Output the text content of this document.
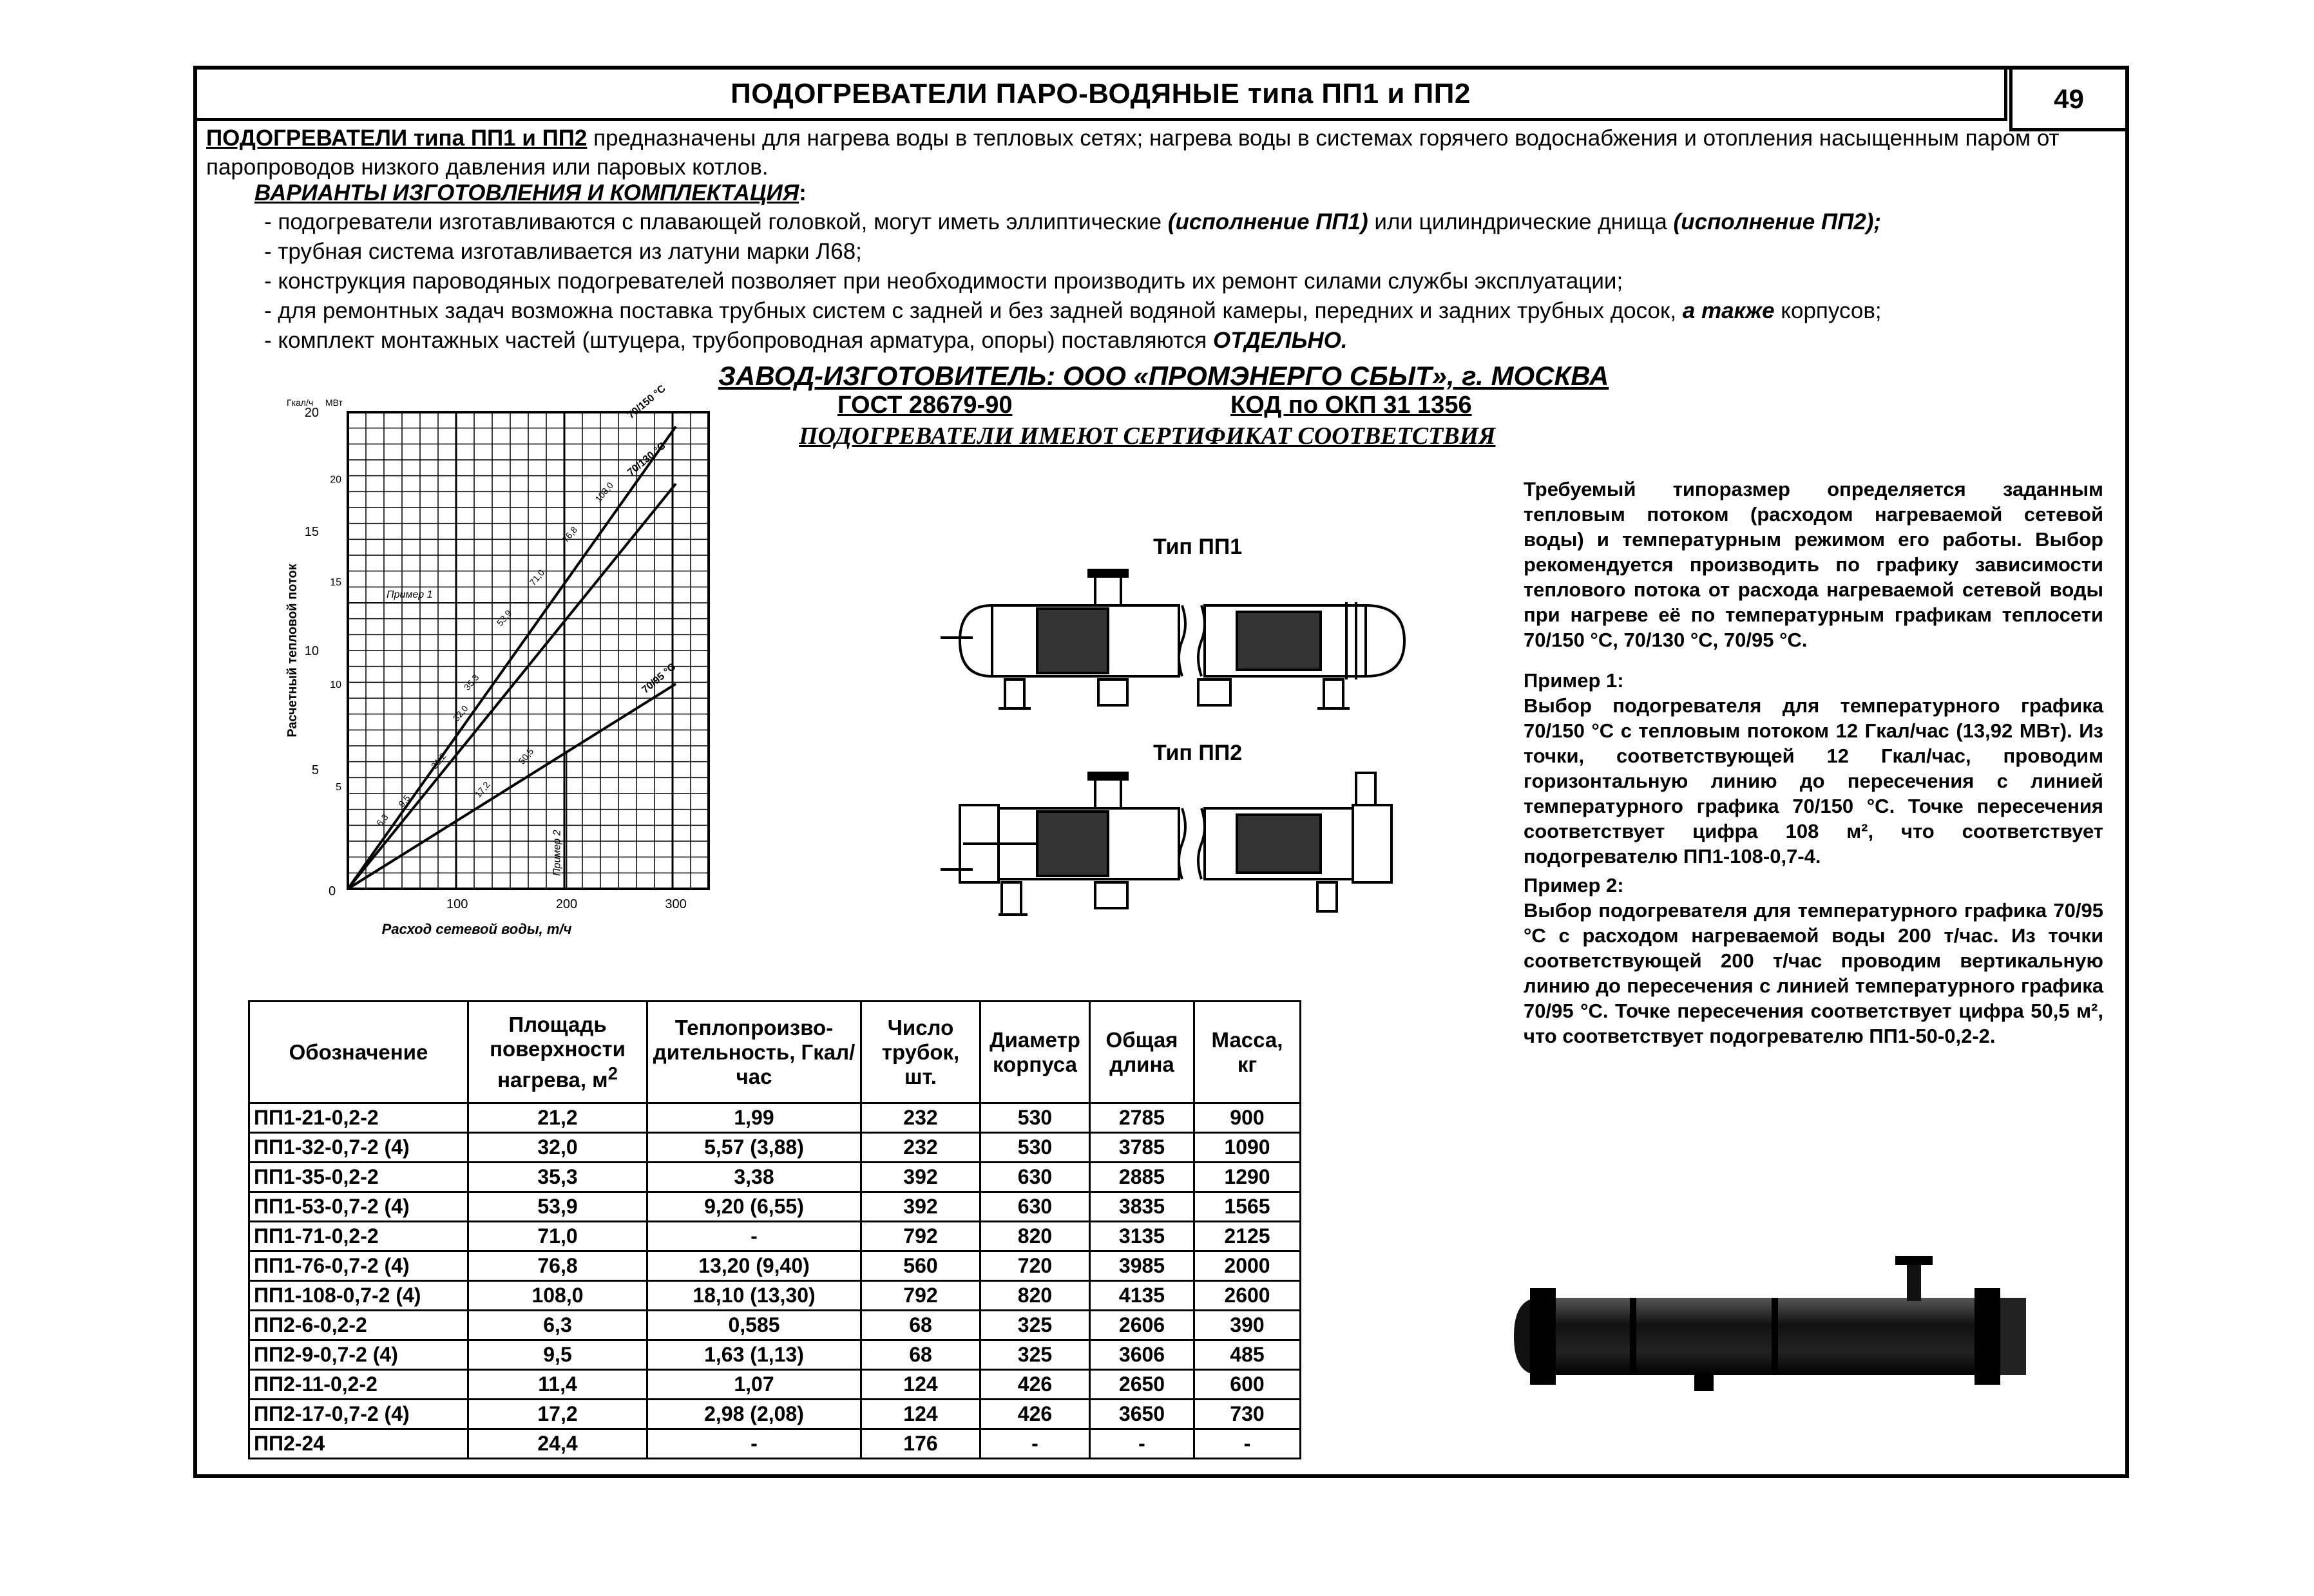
ПОДОГРЕВАТЕЛИ ПАРО-ВОДЯНЫЕ типа ПП1 и ПП2	49
ПОДОГРЕВАТЕЛИ типа ПП1 и ПП2 предназначены для нагрева воды в тепловых сетях; нагрева воды в системах горячего водоснабжения и отопления насыщенным паром от паропроводов низкого давления или паровых котлов.
ВАРИАНТЫ ИЗГОТОВЛЕНИЯ И КОМПЛЕКТАЦИЯ:
- подогреватели изготавливаются с плавающей головкой, могут иметь эллиптические (исполнение ПП1) или цилиндрические днища (исполнение ПП2);
- трубная система изготавливается из латуни марки Л68;
- конструкция пароводяных подогревателей позволяет при необходимости производить их ремонт силами службы эксплуатации;
- для ремонтных задач возможна поставка трубных систем с задней и без задней водяной камеры, передних и задних трубных досок, а также корпусов;
- комплект монтажных частей (штуцера, трубопроводная арматура, опоры) поставляются ОТДЕЛЬНО.
ЗАВОД-ИЗГОТОВИТЕЛЬ: ООО «ПРОМЭНЕРГО СБЫТ», г. МОСКВА
ГОСТ 28679-90	КОД по ОКП 31 1356
ПОДОГРЕВАТЕЛИ ИМЕЮТ СЕРТИФИКАТ СООТВЕТСТВИЯ
Расчетный тепловой поток
Расход сетевой воды, т/ч
Гкал/ч МВт
100	200	300
5
10
15
20
5
10
15
20
0
70/150 °C
70/130 °C
70/95 °C
108,0
76,8
71,0
53,9
35,3
32,0
21,2	50,5
9,5
6,3
17,2
Пример 1
Пример 2
Тип ПП1
Тип ПП2

Требуемый типоразмер определяется заданным тепловым потоком (расходом нагреваемой сетевой воды) и температурным режимом его работы. Выбор рекомендуется производить по графику зависимости теплового потока от расхода нагреваемой сетевой воды при нагреве её по температурным графикам теплосети 70/150 °С, 70/130 °С, 70/95 °С.

Пример 1:

Выбор подогревателя для температурного графика 70/150 °С с тепловым потоком 12 Гкал/час (13,92 МВт). Из точки, соответствующей 12 Гкал/час, проводим горизонтальную линию до пересечения с линией температурного графика 70/150 °С. Точке пересечения соответствует цифра 108 м², что соответствует подогревателю ПП1-108-0,7-4.

Пример 2:

Выбор подогревателя для температурного графика 70/95 °С с расходом нагреваемой воды 200 т/час. Из точки соответствующей 200 т/час проводим вертикальную линию до пересечения с линией температурного графика 70/95 °С. Точке пересечения соответствует цифра 50,5 м², что соответствует подогревателю ПП1-50-0,2-2.

Обозначение	Площадь поверхности нагрева, $м^2$	Теплопроизво-дительность, Гкал/час	Число трубок, шт.	Диаметр корпуса	Общая длина	Масса, кг
ПП1-21-0,2-2	21,2	1,99	232	530	2785	900
ПП1-32-0,7-2 (4)	32,0	5,57 (3,88)	232	530	3785	1090
ПП1-35-0,2-2	35,3	3,38	392	630	2885	1290
ПП1-53-0,7-2 (4)	53,9	9,20 (6,55)	392	630	3835	1565
ПП1-71-0,2-2	71,0	-	792	820	3135	2125
ПП1-76-0,7-2 (4)	76,8	13,20 (9,40)	560	720	3985	2000
ПП1-108-0,7-2 (4)	108,0	18,10 (13,30)	792	820	4135	2600
ПП2-6-0,2-2	6,3	0,585	68	325	2606	390
ПП2-9-0,7-2 (4)	9,5	1,63 (1,13)	68	325	3606	485
ПП2-11-0,2-2	11,4	1,07	124	426	2650	600
ПП2-17-0,7-2 (4)	17,2	2,98 (2,08)	124	426	3650	730
ПП2-24	24,4	-	176	-	-	-
